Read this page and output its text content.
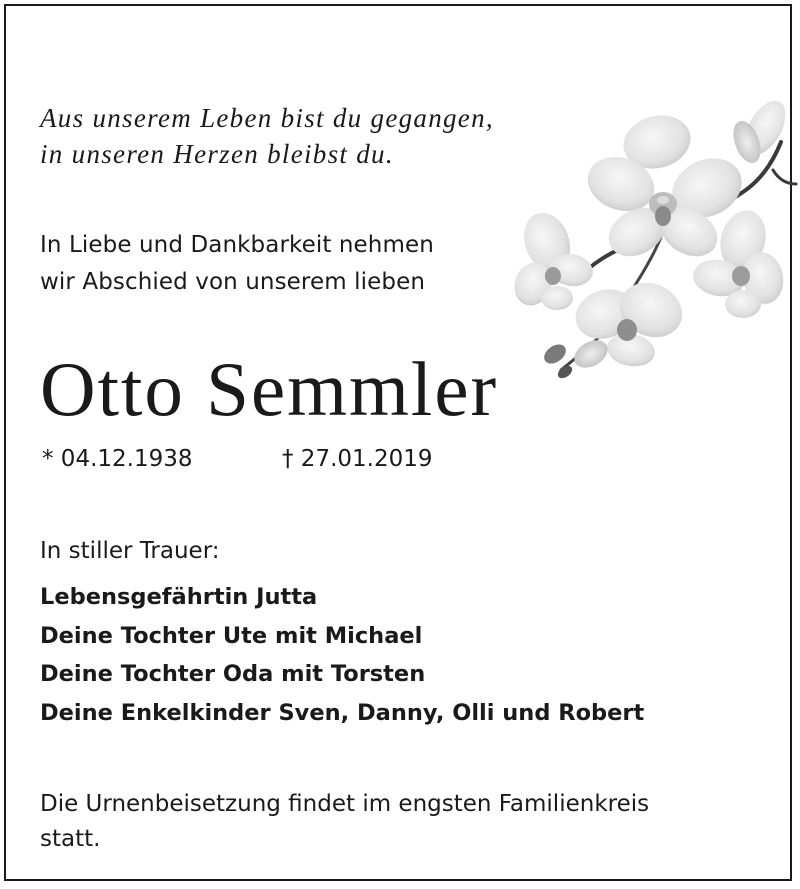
Aus unserem Leben bist du gegangen,
in unseren Herzen bleibst du.
In Liebe und Dankbarkeit nehmen
wir Abschied von unserem lieben
Otto Semmler
* 04.12.1938	† 27.01.2019
In stiller Trauer:
Lebensgefährtin Jutta
Deine Tochter Ute mit Michael
Deine Tochter Oda mit Torsten
Deine Enkelkinder Sven, Danny, Olli und Robert
Die Urnenbeisetzung findet im engsten Familienkreis
statt.
